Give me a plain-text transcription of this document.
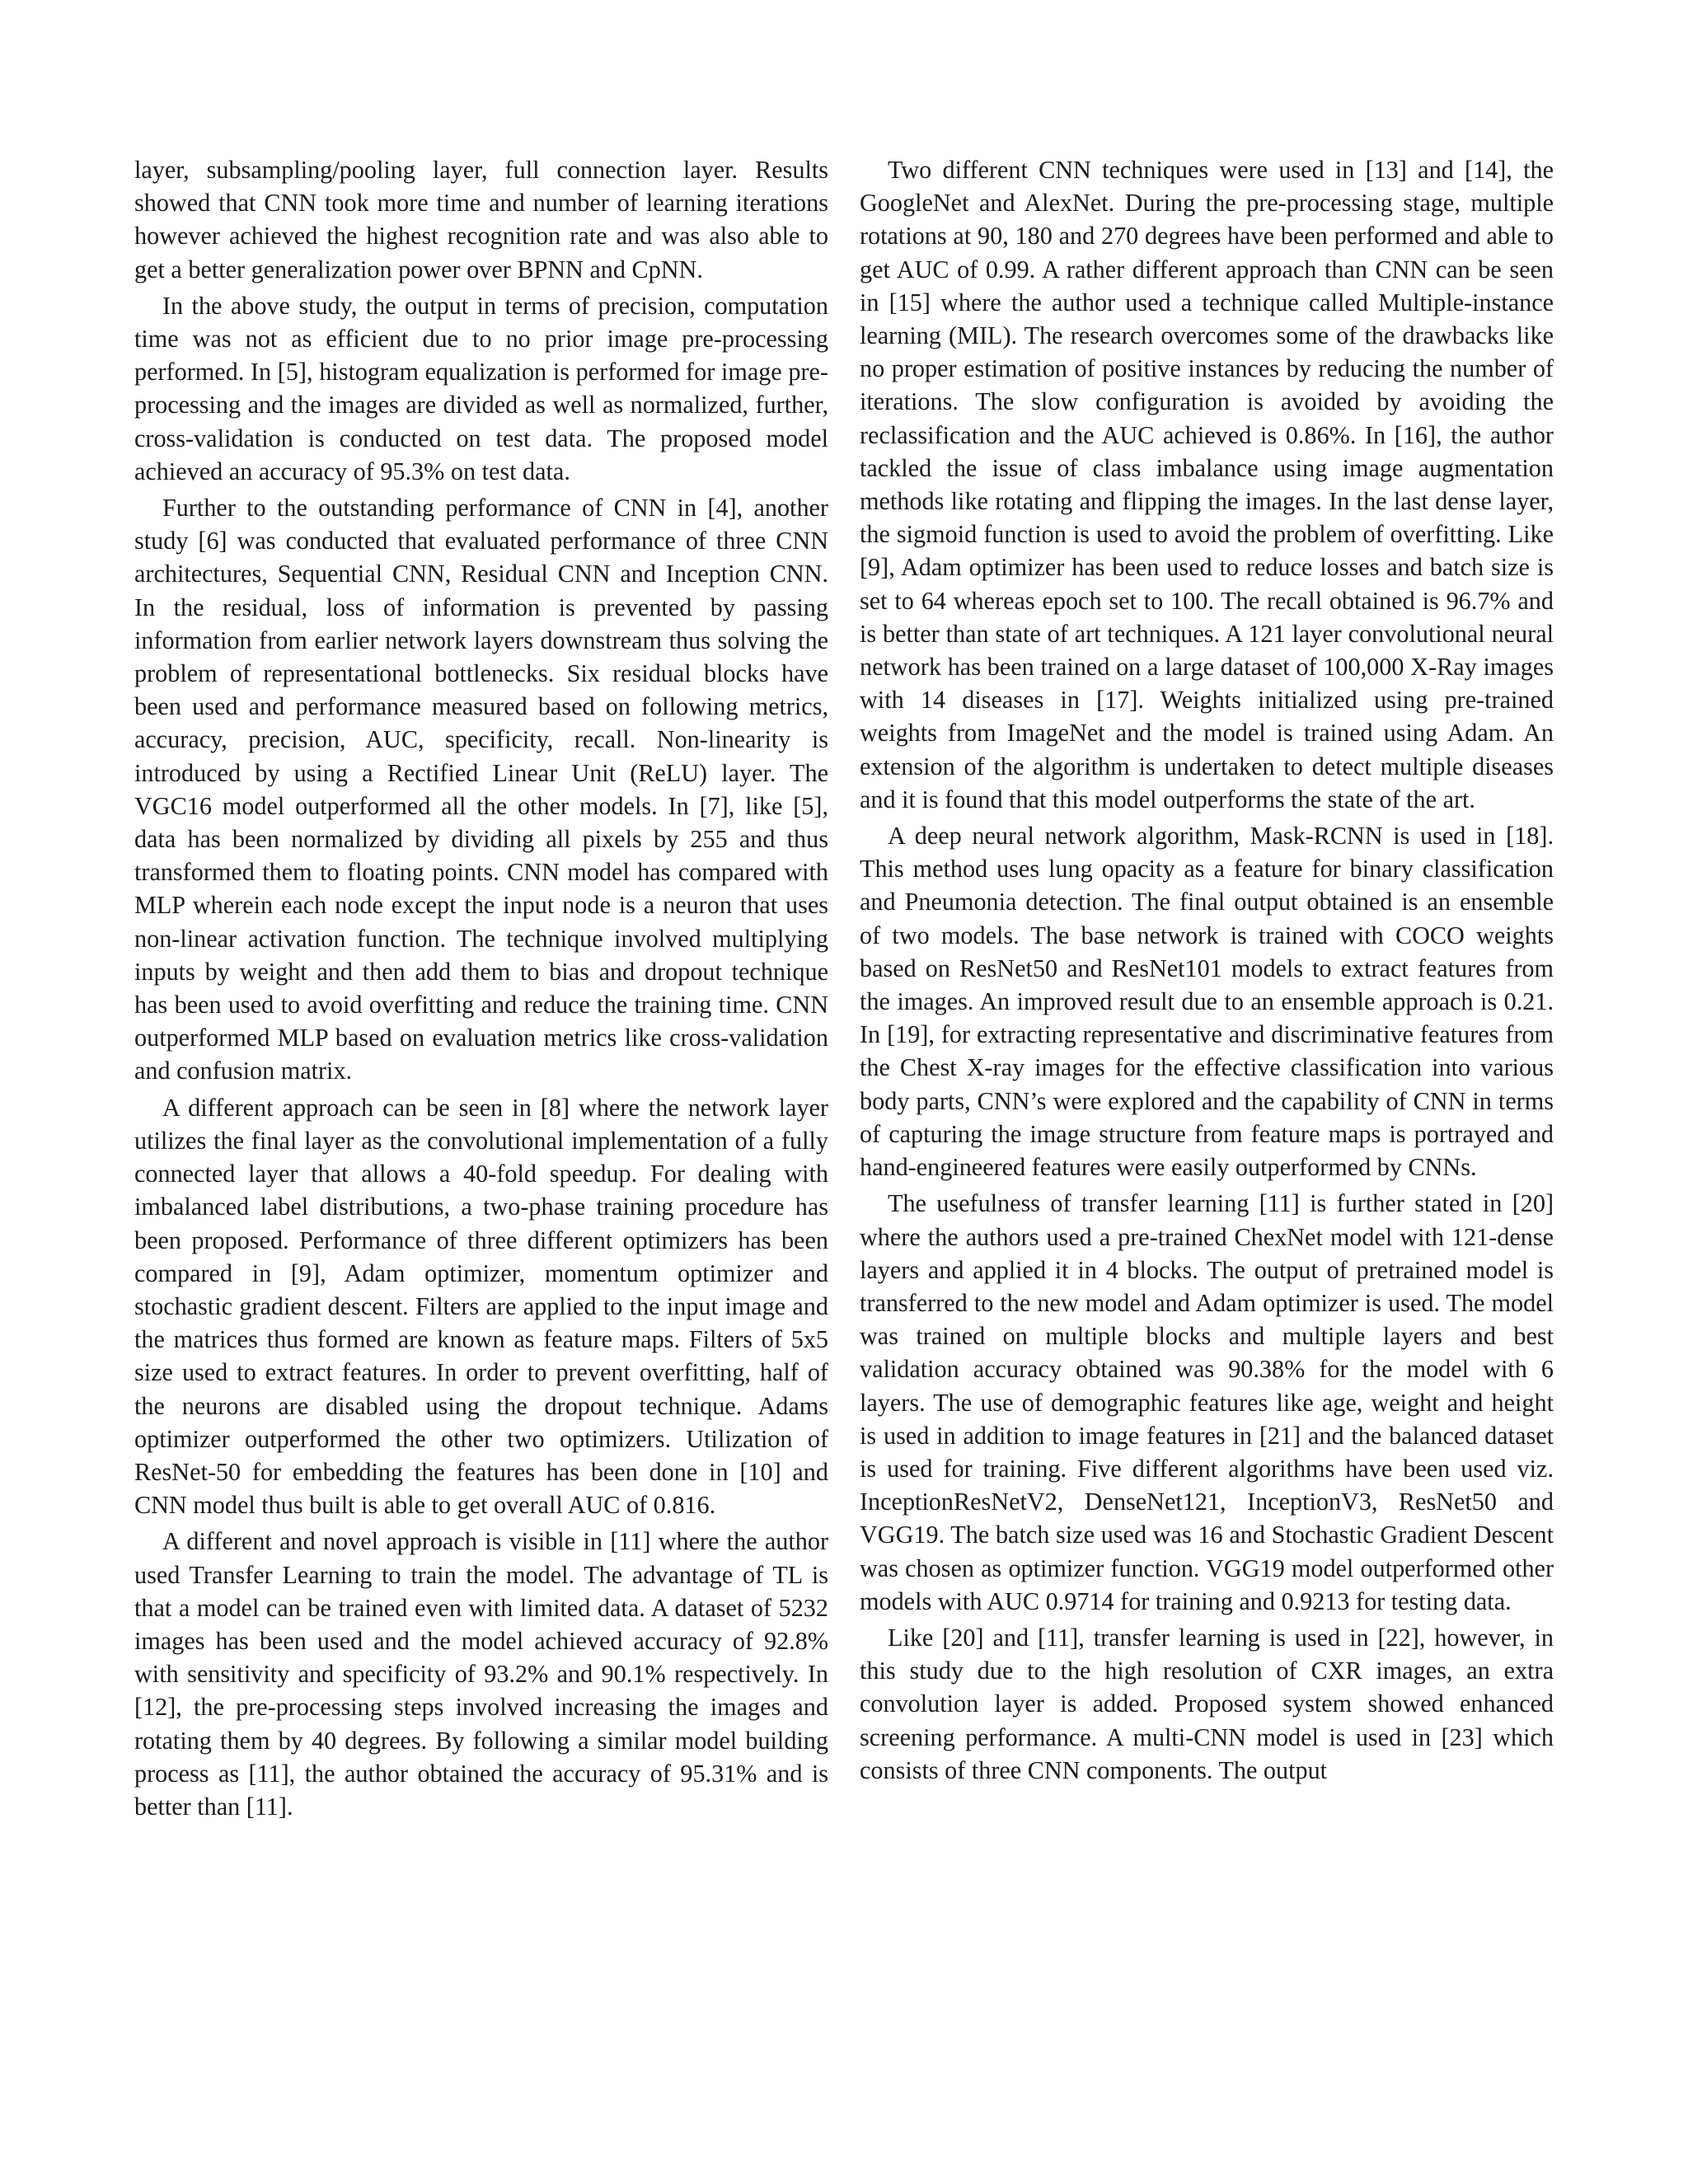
layer, subsampling/pooling layer, full connection layer. Results showed that CNN took more time and number of learning iterations however achieved the highest recognition rate and was also able to get a better generalization power over BPNN and CpNN.

In the above study, the output in terms of precision, computation time was not as efficient due to no prior image pre-processing performed. In [5], histogram equalization is performed for image pre-processing and the images are divided as well as normalized, further, cross-validation is conducted on test data. The proposed model achieved an accuracy of 95.3% on test data.

Further to the outstanding performance of CNN in [4], another study [6] was conducted that evaluated performance of three CNN architectures, Sequential CNN, Residual CNN and Inception CNN. In the residual, loss of information is prevented by passing information from earlier network layers downstream thus solving the problem of representational bottlenecks. Six residual blocks have been used and performance measured based on following metrics, accuracy, precision, AUC, specificity, recall. Non-linearity is introduced by using a Rectified Linear Unit (ReLU) layer. The VGC16 model outperformed all the other models. In [7], like [5], data has been normalized by dividing all pixels by 255 and thus transformed them to floating points. CNN model has compared with MLP wherein each node except the input node is a neuron that uses non-linear activation function. The technique involved multiplying inputs by weight and then add them to bias and dropout technique has been used to avoid overfitting and reduce the training time. CNN outperformed MLP based on evaluation metrics like cross-validation and confusion matrix.

A different approach can be seen in [8] where the network layer utilizes the final layer as the convolutional implementation of a fully connected layer that allows a 40-fold speedup. For dealing with imbalanced label distributions, a two-phase training procedure has been proposed. Performance of three different optimizers has been compared in [9], Adam optimizer, momentum optimizer and stochastic gradient descent. Filters are applied to the input image and the matrices thus formed are known as feature maps. Filters of 5x5 size used to extract features. In order to prevent overfitting, half of the neurons are disabled using the dropout technique. Adams optimizer outperformed the other two optimizers. Utilization of ResNet-50 for embedding the features has been done in [10] and CNN model thus built is able to get overall AUC of 0.816.

A different and novel approach is visible in [11] where the author used Transfer Learning to train the model. The advantage of TL is that a model can be trained even with limited data. A dataset of 5232 images has been used and the model achieved accuracy of 92.8% with sensitivity and specificity of 93.2% and 90.1% respectively. In [12], the pre-processing steps involved increasing the images and rotating them by 40 degrees. By following a similar model building process as [11], the author obtained the accuracy of 95.31% and is better than [11].

Two different CNN techniques were used in [13] and [14], the GoogleNet and AlexNet. During the pre-processing stage, multiple rotations at 90, 180 and 270 degrees have been performed and able to get AUC of 0.99. A rather different approach than CNN can be seen in [15] where the author used a technique called Multiple-instance learning (MIL). The research overcomes some of the drawbacks like no proper estimation of positive instances by reducing the number of iterations. The slow configuration is avoided by avoiding the reclassification and the AUC achieved is 0.86%. In [16], the author tackled the issue of class imbalance using image augmentation methods like rotating and flipping the images. In the last dense layer, the sigmoid function is used to avoid the problem of overfitting. Like [9], Adam optimizer has been used to reduce losses and batch size is set to 64 whereas epoch set to 100. The recall obtained is 96.7% and is better than state of art techniques. A 121 layer convolutional neural network has been trained on a large dataset of 100,000 X-Ray images with 14 diseases in [17]. Weights initialized using pre-trained weights from ImageNet and the model is trained using Adam. An extension of the algorithm is undertaken to detect multiple diseases and it is found that this model outperforms the state of the art.

A deep neural network algorithm, Mask-RCNN is used in [18]. This method uses lung opacity as a feature for binary classification and Pneumonia detection. The final output obtained is an ensemble of two models. The base network is trained with COCO weights based on ResNet50 and ResNet101 models to extract features from the images. An improved result due to an ensemble approach is 0.21. In [19], for extracting representative and discriminative features from the Chest X-ray images for the effective classification into various body parts, CNN’s were explored and the capability of CNN in terms of capturing the image structure from feature maps is portrayed and hand-engineered features were easily outperformed by CNNs.

The usefulness of transfer learning [11] is further stated in [20] where the authors used a pre-trained ChexNet model with 121-dense layers and applied it in 4 blocks. The output of pretrained model is transferred to the new model and Adam optimizer is used. The model was trained on multiple blocks and multiple layers and best validation accuracy obtained was 90.38% for the model with 6 layers. The use of demographic features like age, weight and height is used in addition to image features in [21] and the balanced dataset is used for training. Five different algorithms have been used viz. InceptionResNetV2, DenseNet121, InceptionV3, ResNet50 and VGG19. The batch size used was 16 and Stochastic Gradient Descent was chosen as optimizer function. VGG19 model outperformed other models with AUC 0.9714 for training and 0.9213 for testing data.

Like [20] and [11], transfer learning is used in [22], however, in this study due to the high resolution of CXR images, an extra convolution layer is added. Proposed system showed enhanced screening performance. A multi-CNN model is used in [23] which consists of three CNN components. The output
